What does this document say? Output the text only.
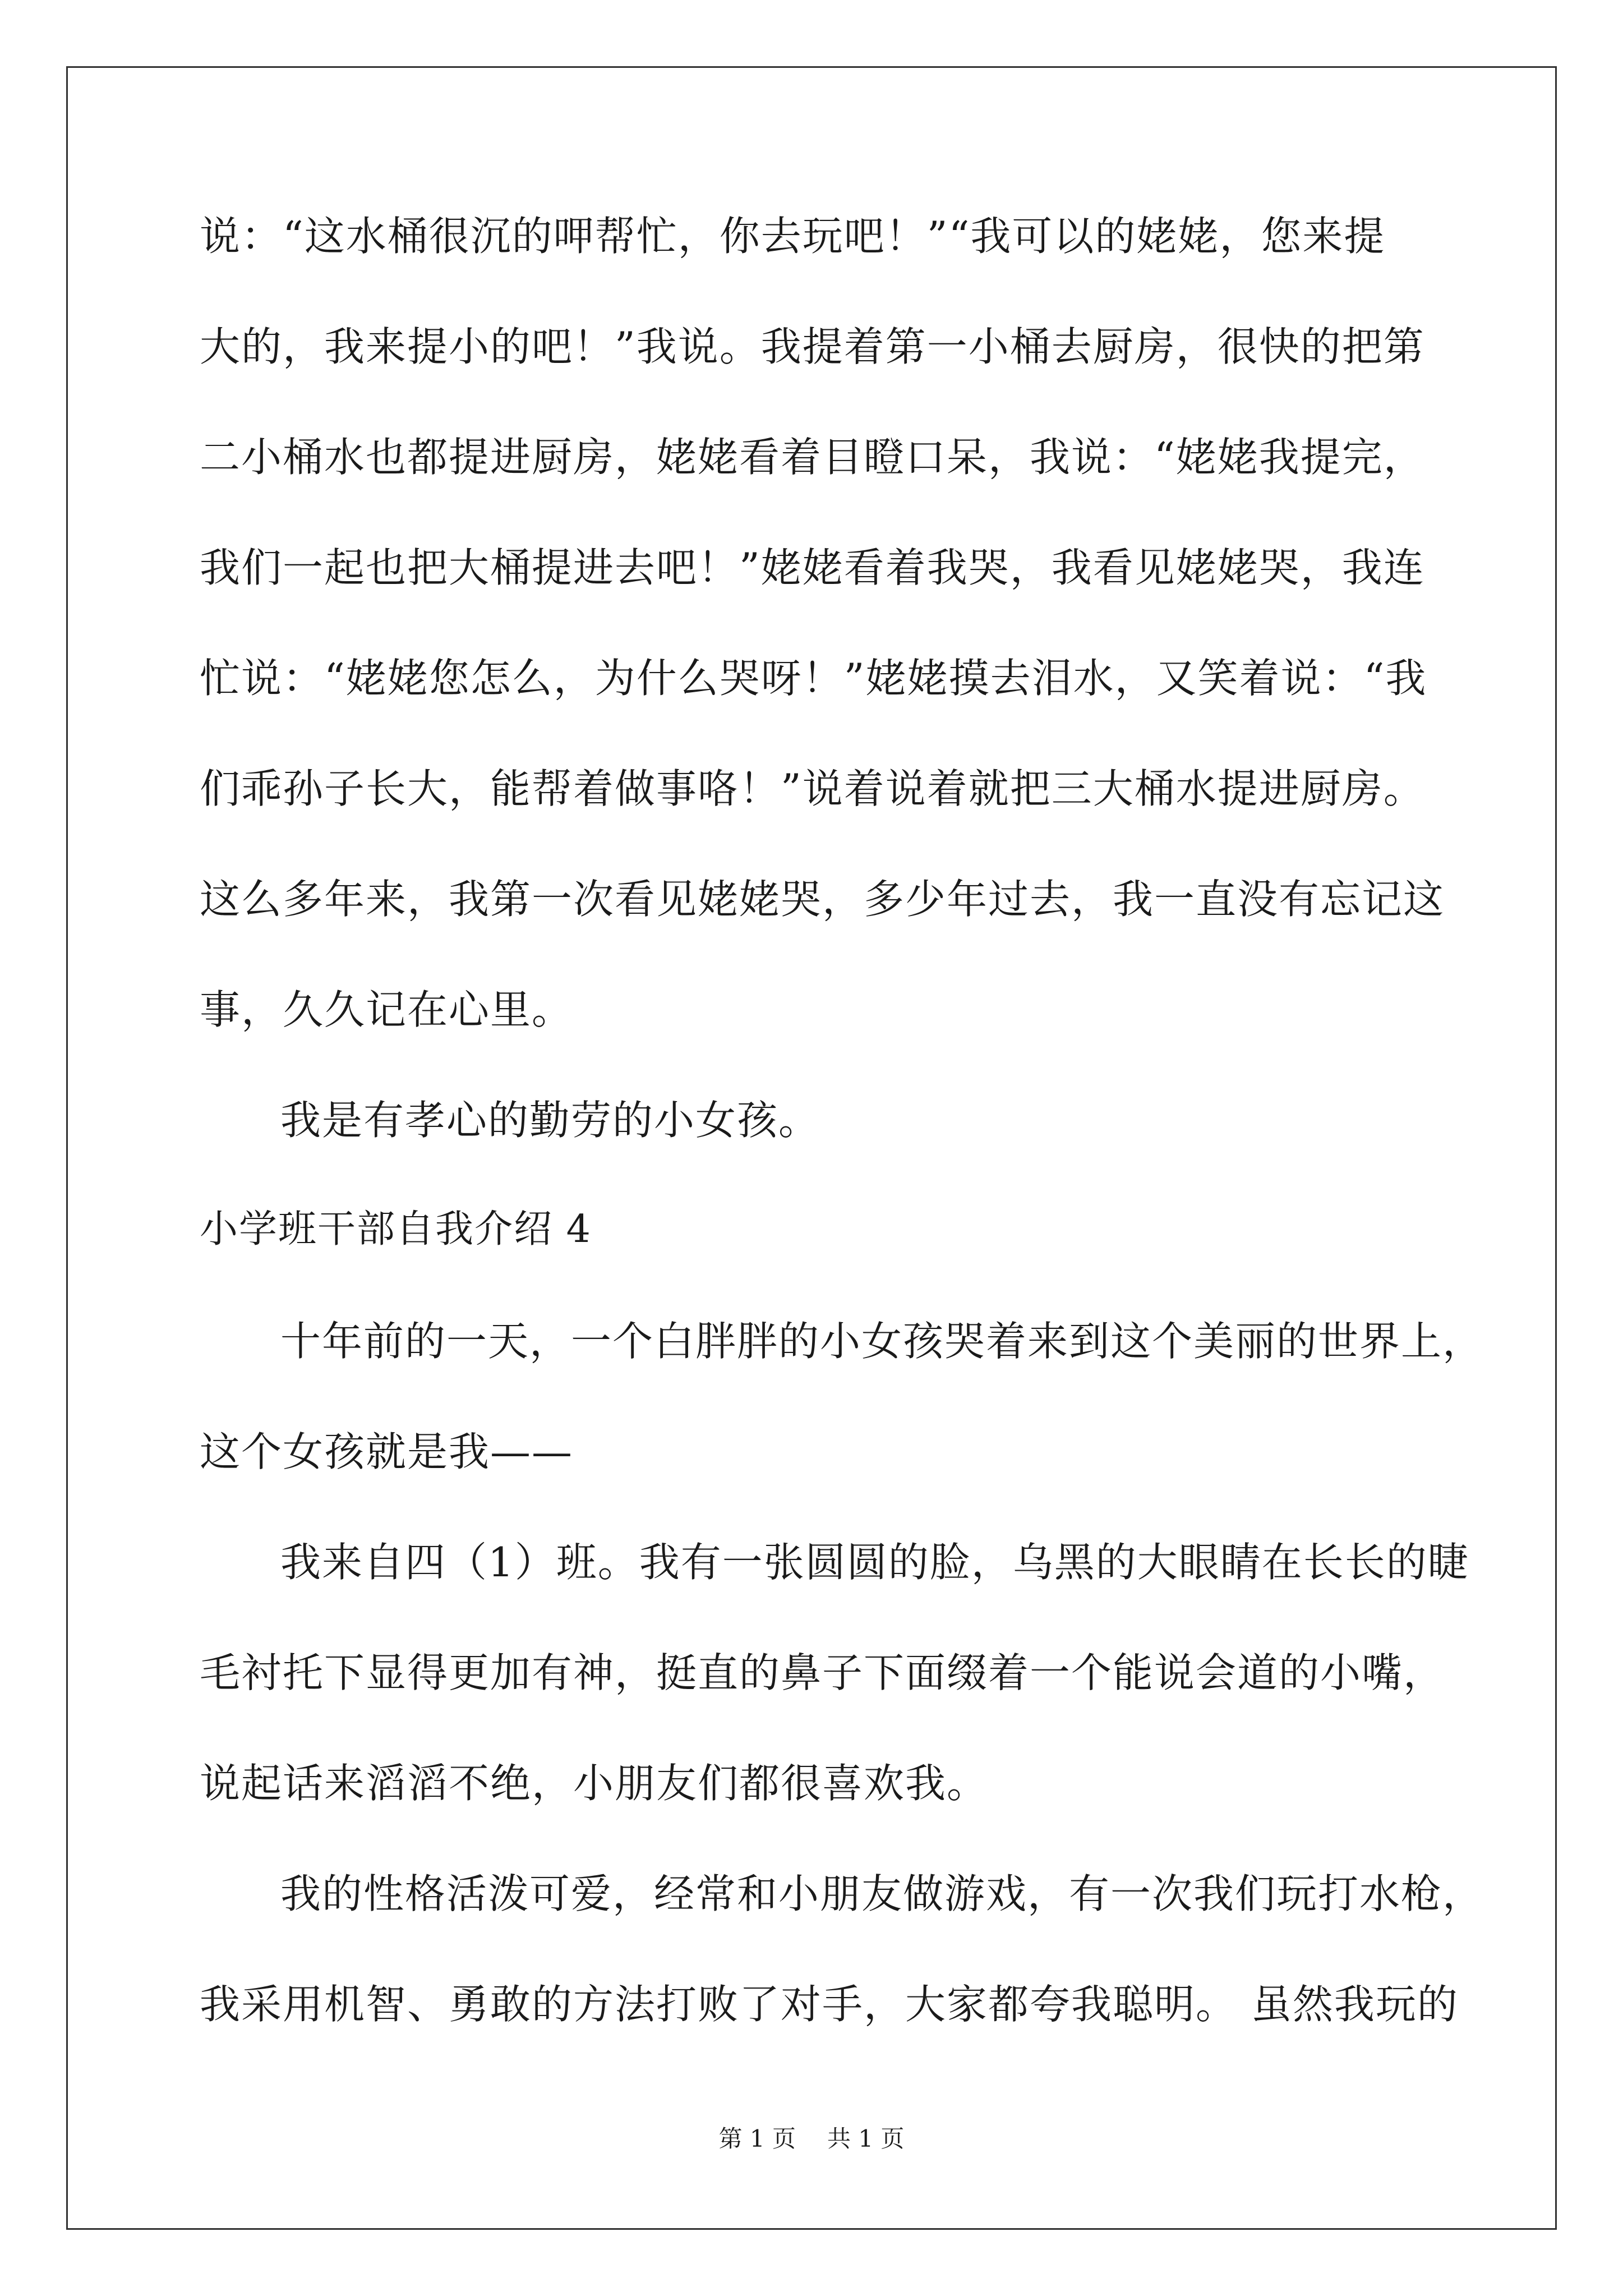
说：“这水桶很沉的呷帮忙，你去玩吧！”“我可以的姥姥，您来提
大的，我来提小的吧！”我说。我提着第一小桶去厨房，很快的把第
二小桶水也都提进厨房，姥姥看着目瞪口呆，我说：“姥姥我提完，
我们一起也把大桶提进去吧！”姥姥看着我哭，我看见姥姥哭，我连
忙说：“姥姥您怎么，为什么哭呀！”姥姥摸去泪水，又笑着说：“我
们乖孙子长大，能帮着做事咯！”说着说着就把三大桶水提进厨房。
这么多年来，我第一次看见姥姥哭，多少年过去，我一直没有忘记这
事，久久记在心里。
我是有孝心的勤劳的小女孩。
小学班干部自我介绍 4
十年前的一天，一个白胖胖的小女孩哭着来到这个美丽的世界上，
这个女孩就是我——
我来自四（1）班。我有一张圆圆的脸，乌黑的大眼睛在长长的睫
毛衬托下显得更加有神，挺直的鼻子下面缀着一个能说会道的小嘴，
说起话来滔滔不绝，小朋友们都很喜欢我。
我的性格活泼可爱，经常和小朋友做游戏，有一次我们玩打水枪，
我采用机智、勇敢的方法打败了对手，大家都夸我聪明。 虽然我玩的
第 1 页 共 1 页
